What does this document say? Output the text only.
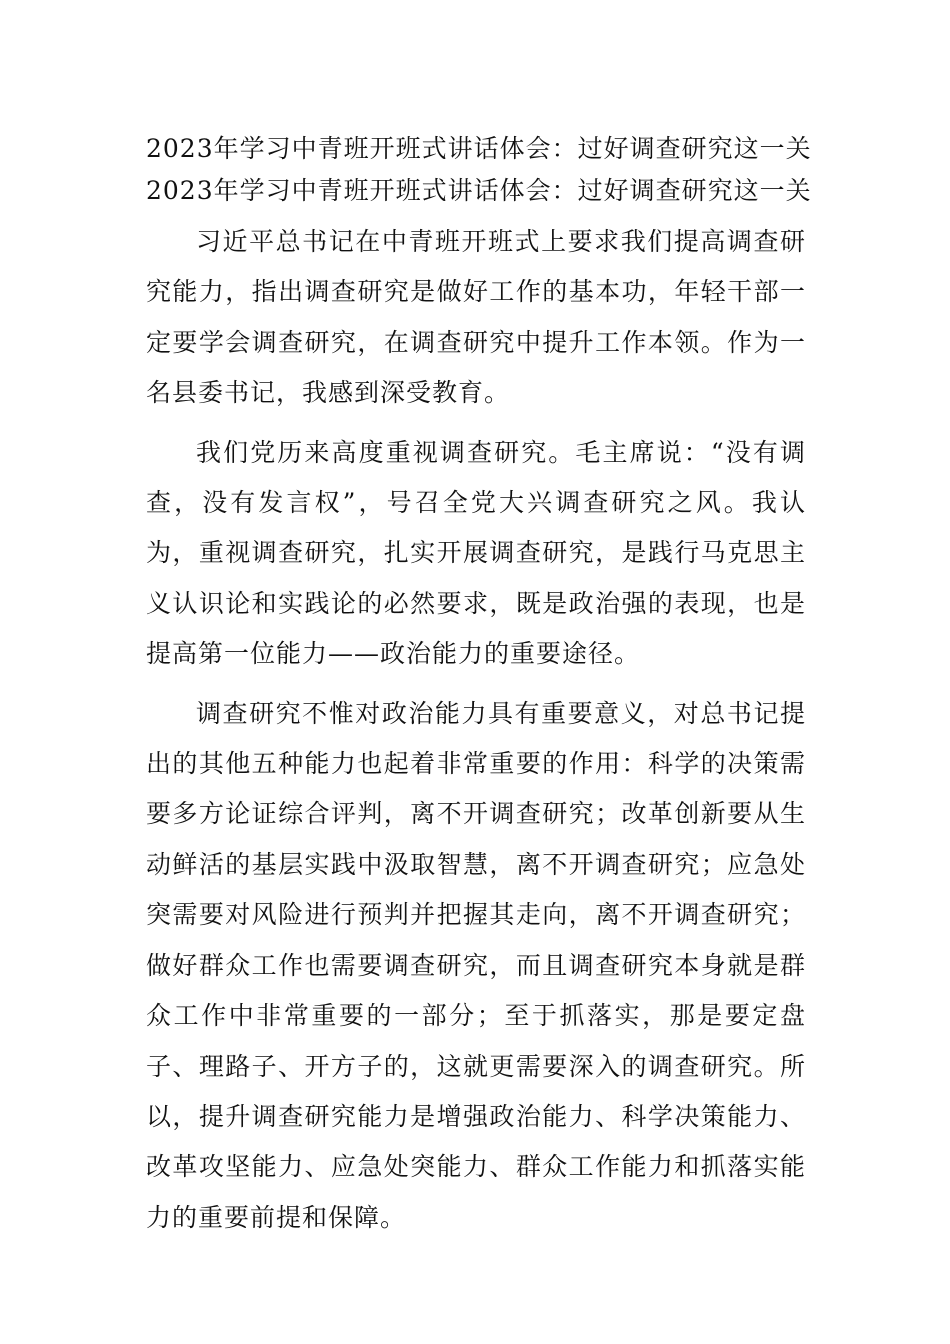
2023年学习中青班开班式讲话体会：过好调查研究这一关
2023年学习中青班开班式讲话体会：过好调查研究这一关

习近平总书记在中青班开班式上要求我们提高调查研究能力，指出调查研究是做好工作的基本功，年轻干部一定要学会调查研究，在调查研究中提升工作本领。作为一名县委书记，我感到深受教育。

我们党历来高度重视调查研究。毛主席说：“没有调查，没有发言权”，号召全党大兴调查研究之风。我认为，重视调查研究，扎实开展调查研究，是践行马克思主义认识论和实践论的必然要求，既是政治强的表现，也是提高第一位能力——政治能力的重要途径。

调查研究不惟对政治能力具有重要意义，对总书记提出的其他五种能力也起着非常重要的作用：科学的决策需要多方论证综合评判，离不开调查研究；改革创新要从生动鲜活的基层实践中汲取智慧，离不开调查研究；应急处突需要对风险进行预判并把握其走向，离不开调查研究；做好群众工作也需要调查研究，而且调查研究本身就是群众工作中非常重要的一部分；至于抓落实，那是要定盘子、理路子、开方子的，这就更需要深入的调查研究。所以，提升调查研究能力是增强政治能力、科学决策能力、改革攻坚能力、应急处突能力、群众工作能力和抓落实能力的重要前提和保障。
